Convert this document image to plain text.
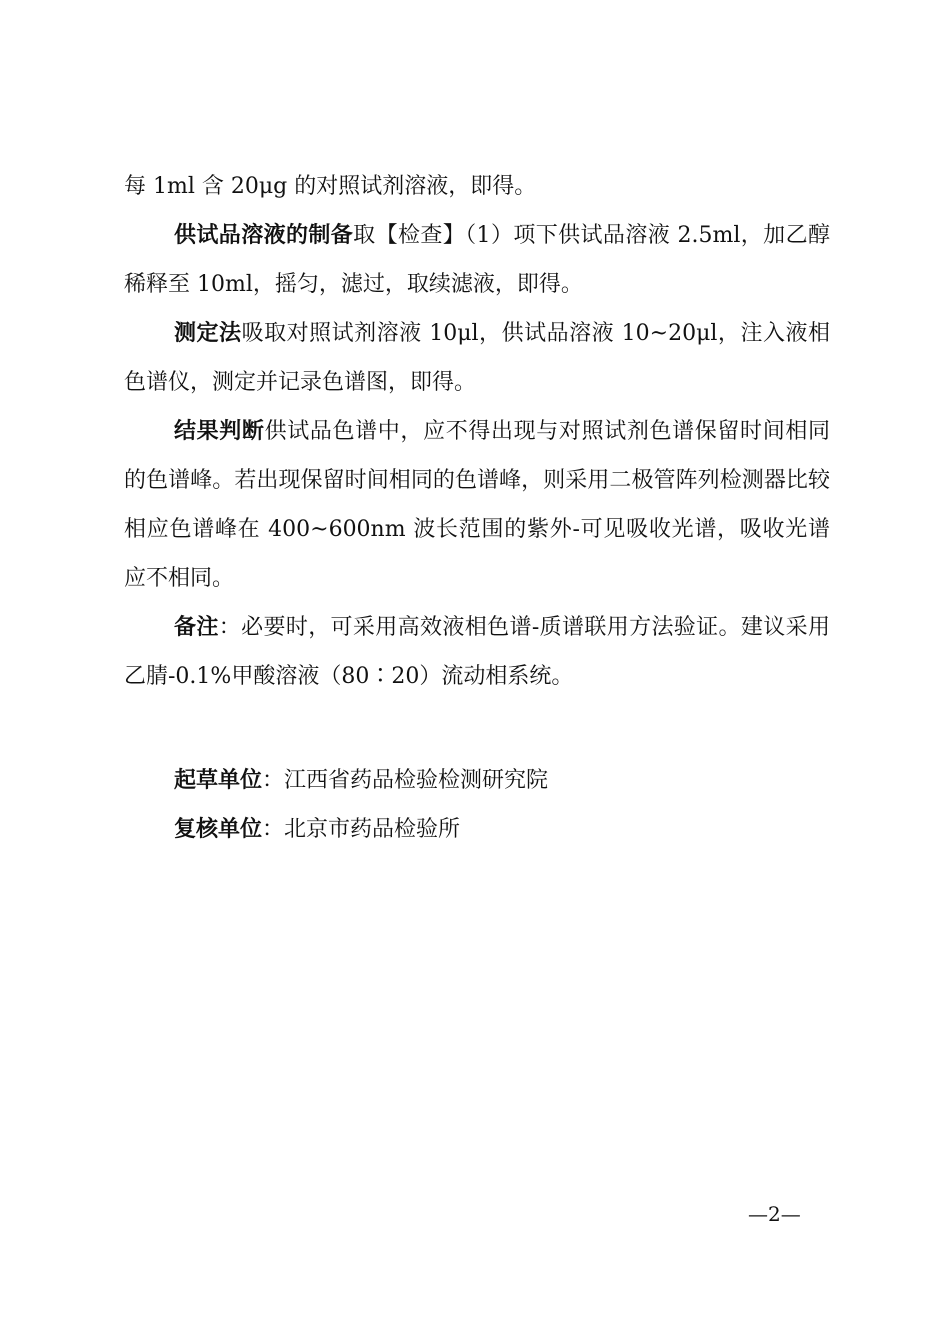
每 1ml 含 20μg 的对照试剂溶液，即得。

供试品溶液的制备取【检查】（1）项下供试品溶液 2.5ml，加乙醇稀释至 10ml，摇匀，滤过，取续滤液，即得。

测定法吸取对照试剂溶液 10μl，供试品溶液 10~20μl，注入液相色谱仪，测定并记录色谱图，即得。

结果判断供试品色谱中，应不得出现与对照试剂色谱保留时间相同的色谱峰。若出现保留时间相同的色谱峰，则采用二极管阵列检测器比较相应色谱峰在 400~600nm 波长范围的紫外-可见吸收光谱，吸收光谱应不相同。

备注：必要时，可采用高效液相色谱-质谱联用方法验证。建议采用乙腈-0.1%甲酸溶液（80∶20）流动相系统。

起草单位：江西省药品检验检测研究院

复核单位：北京市药品检验所

—2—
